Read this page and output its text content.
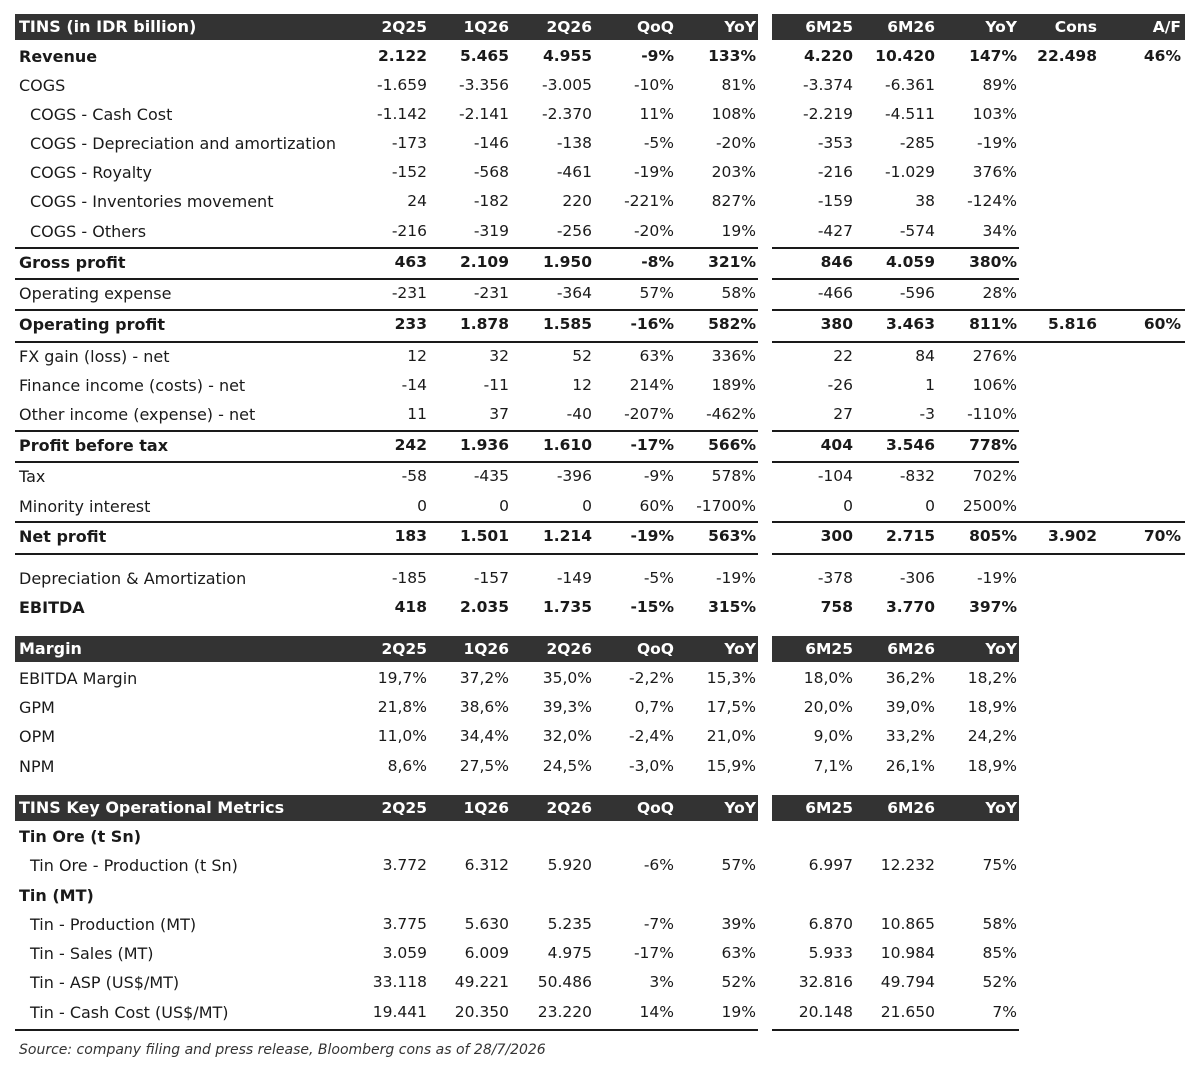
TINS (in IDR billion)	2Q25	1Q26	2Q26	QoQ	YoY	6M25	6M26	YoY	Cons	A/F
Revenue	2.122	5.465	4.955	-9%	133%	4.220	10.420	147%	22.498	46%
COGS	-1.659	-3.356	-3.005	-10%	81%	-3.374	-6.361	89%
COGS - Cash Cost	-1.142	-2.141	-2.370	11%	108%	-2.219	-4.511	103%
COGS - Depreciation and amortization	-173	-146	-138	-5%	-20%	-353	-285	-19%
COGS - Royalty	-152	-568	-461	-19%	203%	-216	-1.029	376%
COGS - Inventories movement	24	-182	220	-221%	827%	-159	38	-124%
COGS - Others	-216	-319	-256	-20%	19%	-427	-574	34%
Gross profit	463	2.109	1.950	-8%	321%	846	4.059	380%
Operating expense	-231	-231	-364	57%	58%	-466	-596	28%
Operating profit	233	1.878	1.585	-16%	582%	380	3.463	811%	5.816	60%
FX gain (loss) - net	12	32	52	63%	336%	22	84	276%
Finance income (costs) - net	-14	-11	12	214%	189%	-26	1	106%
Other income (expense) - net	11	37	-40	-207%	-462%	27	-3	-110%
Profit before tax	242	1.936	1.610	-17%	566%	404	3.546	778%
Tax	-58	-435	-396	-9%	578%	-104	-832	702%
Minority interest	0	0	0	60%	-1700%	0	0	2500%
Net profit	183	1.501	1.214	-19%	563%	300	2.715	805%	3.902	70%
Depreciation & Amortization	-185	-157	-149	-5%	-19%	-378	-306	-19%
EBITDA	418	2.035	1.735	-15%	315%	758	3.770	397%
Margin	2Q25	1Q26	2Q26	QoQ	YoY	6M25	6M26	YoY
EBITDA Margin	19,7%	37,2%	35,0%	-2,2%	15,3%	18,0%	36,2%	18,2%
GPM	21,8%	38,6%	39,3%	0,7%	17,5%	20,0%	39,0%	18,9%
OPM	11,0%	34,4%	32,0%	-2,4%	21,0%	9,0%	33,2%	24,2%
NPM	8,6%	27,5%	24,5%	-3,0%	15,9%	7,1%	26,1%	18,9%
TINS Key Operational Metrics	2Q25	1Q26	2Q26	QoQ	YoY	6M25	6M26	YoY
Tin Ore (t Sn)
Tin Ore - Production (t Sn)	3.772	6.312	5.920	-6%	57%	6.997	12.232	75%
Tin (MT)
Tin - Production (MT)	3.775	5.630	5.235	-7%	39%	6.870	10.865	58%
Tin - Sales (MT)	3.059	6.009	4.975	-17%	63%	5.933	10.984	85%
Tin - ASP (US$/MT)	33.118	49.221	50.486	3%	52%	32.816	49.794	52%
Tin - Cash Cost (US$/MT)	19.441	20.350	23.220	14%	19%	20.148	21.650	7%
Source: company filing and press release, Bloomberg cons as of 28/7/2026
